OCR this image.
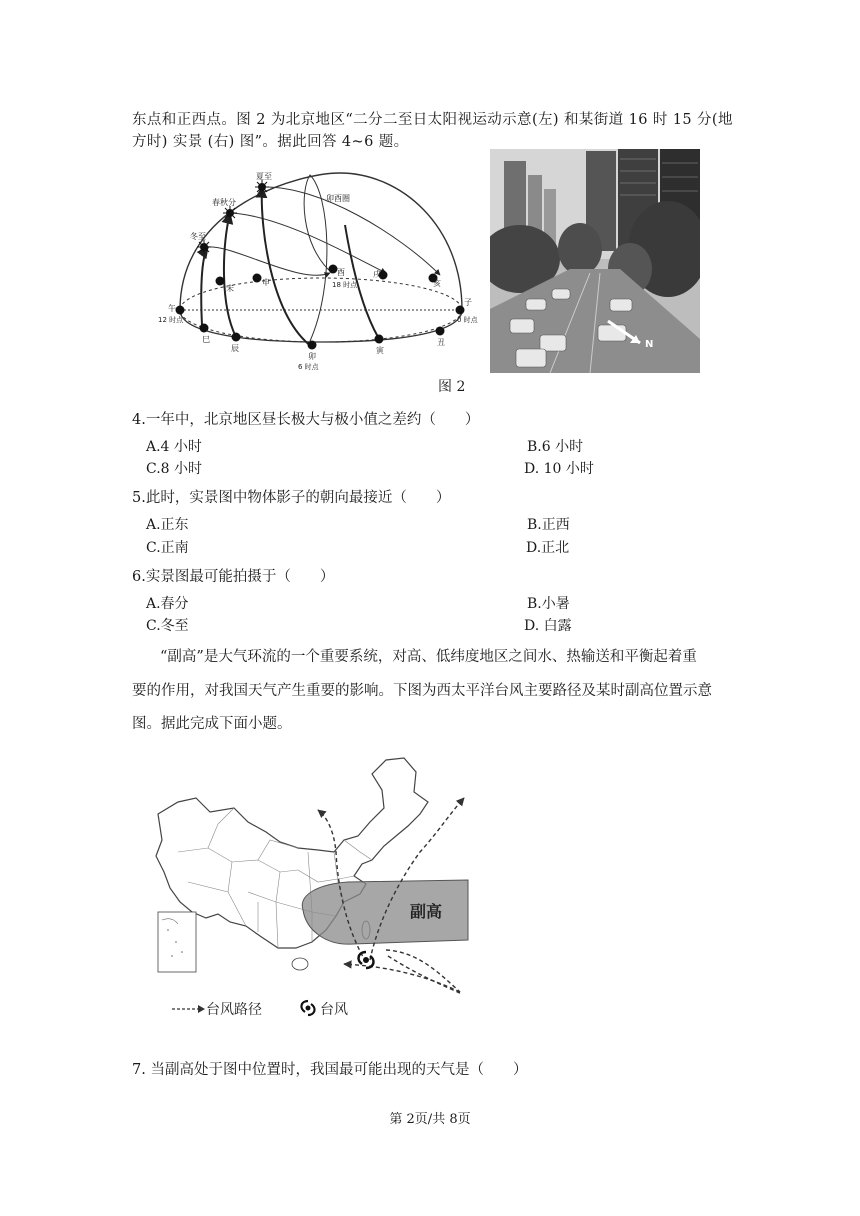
东点和正西点。图 2 为北京地区“二分二至日太阳视运动示意(左) 和某街道 16 时 15 分(地
方时) 实景 (右) 图”。据此回答 4~6 题。
冬至
春秋分
夏至
卯酉圈
未
申
酉
18 时点
戌
亥
午
12 时点
子
0 时点
巳
辰
卯
6 时点
寅
丑	N
图 2
4.一年中，北京地区昼长极大与极小值之差约（　　）
A.4 小时	B.6 小时
C.8 小时	D. 10 小时
5.此时，实景图中物体影子的朝向最接近（　　）
A.正东	B.正西
C.正南	D.正北
6.实景图最可能拍摄于（　　）
A.春分	B.小暑
C.冬至	D. 白露
“副高”是大气环流的一个重要系统，对高、低纬度地区之间水、热输送和平衡起着重
要的作用，对我国天气产生重要的影响。下图为西太平洋台风主要路径及某时副高位置示意
图。据此完成下面小题。
副高
台风路径	台风
7. 当副高处于图中位置时，我国最可能出现的天气是（　　）
第 2页/共 8页
